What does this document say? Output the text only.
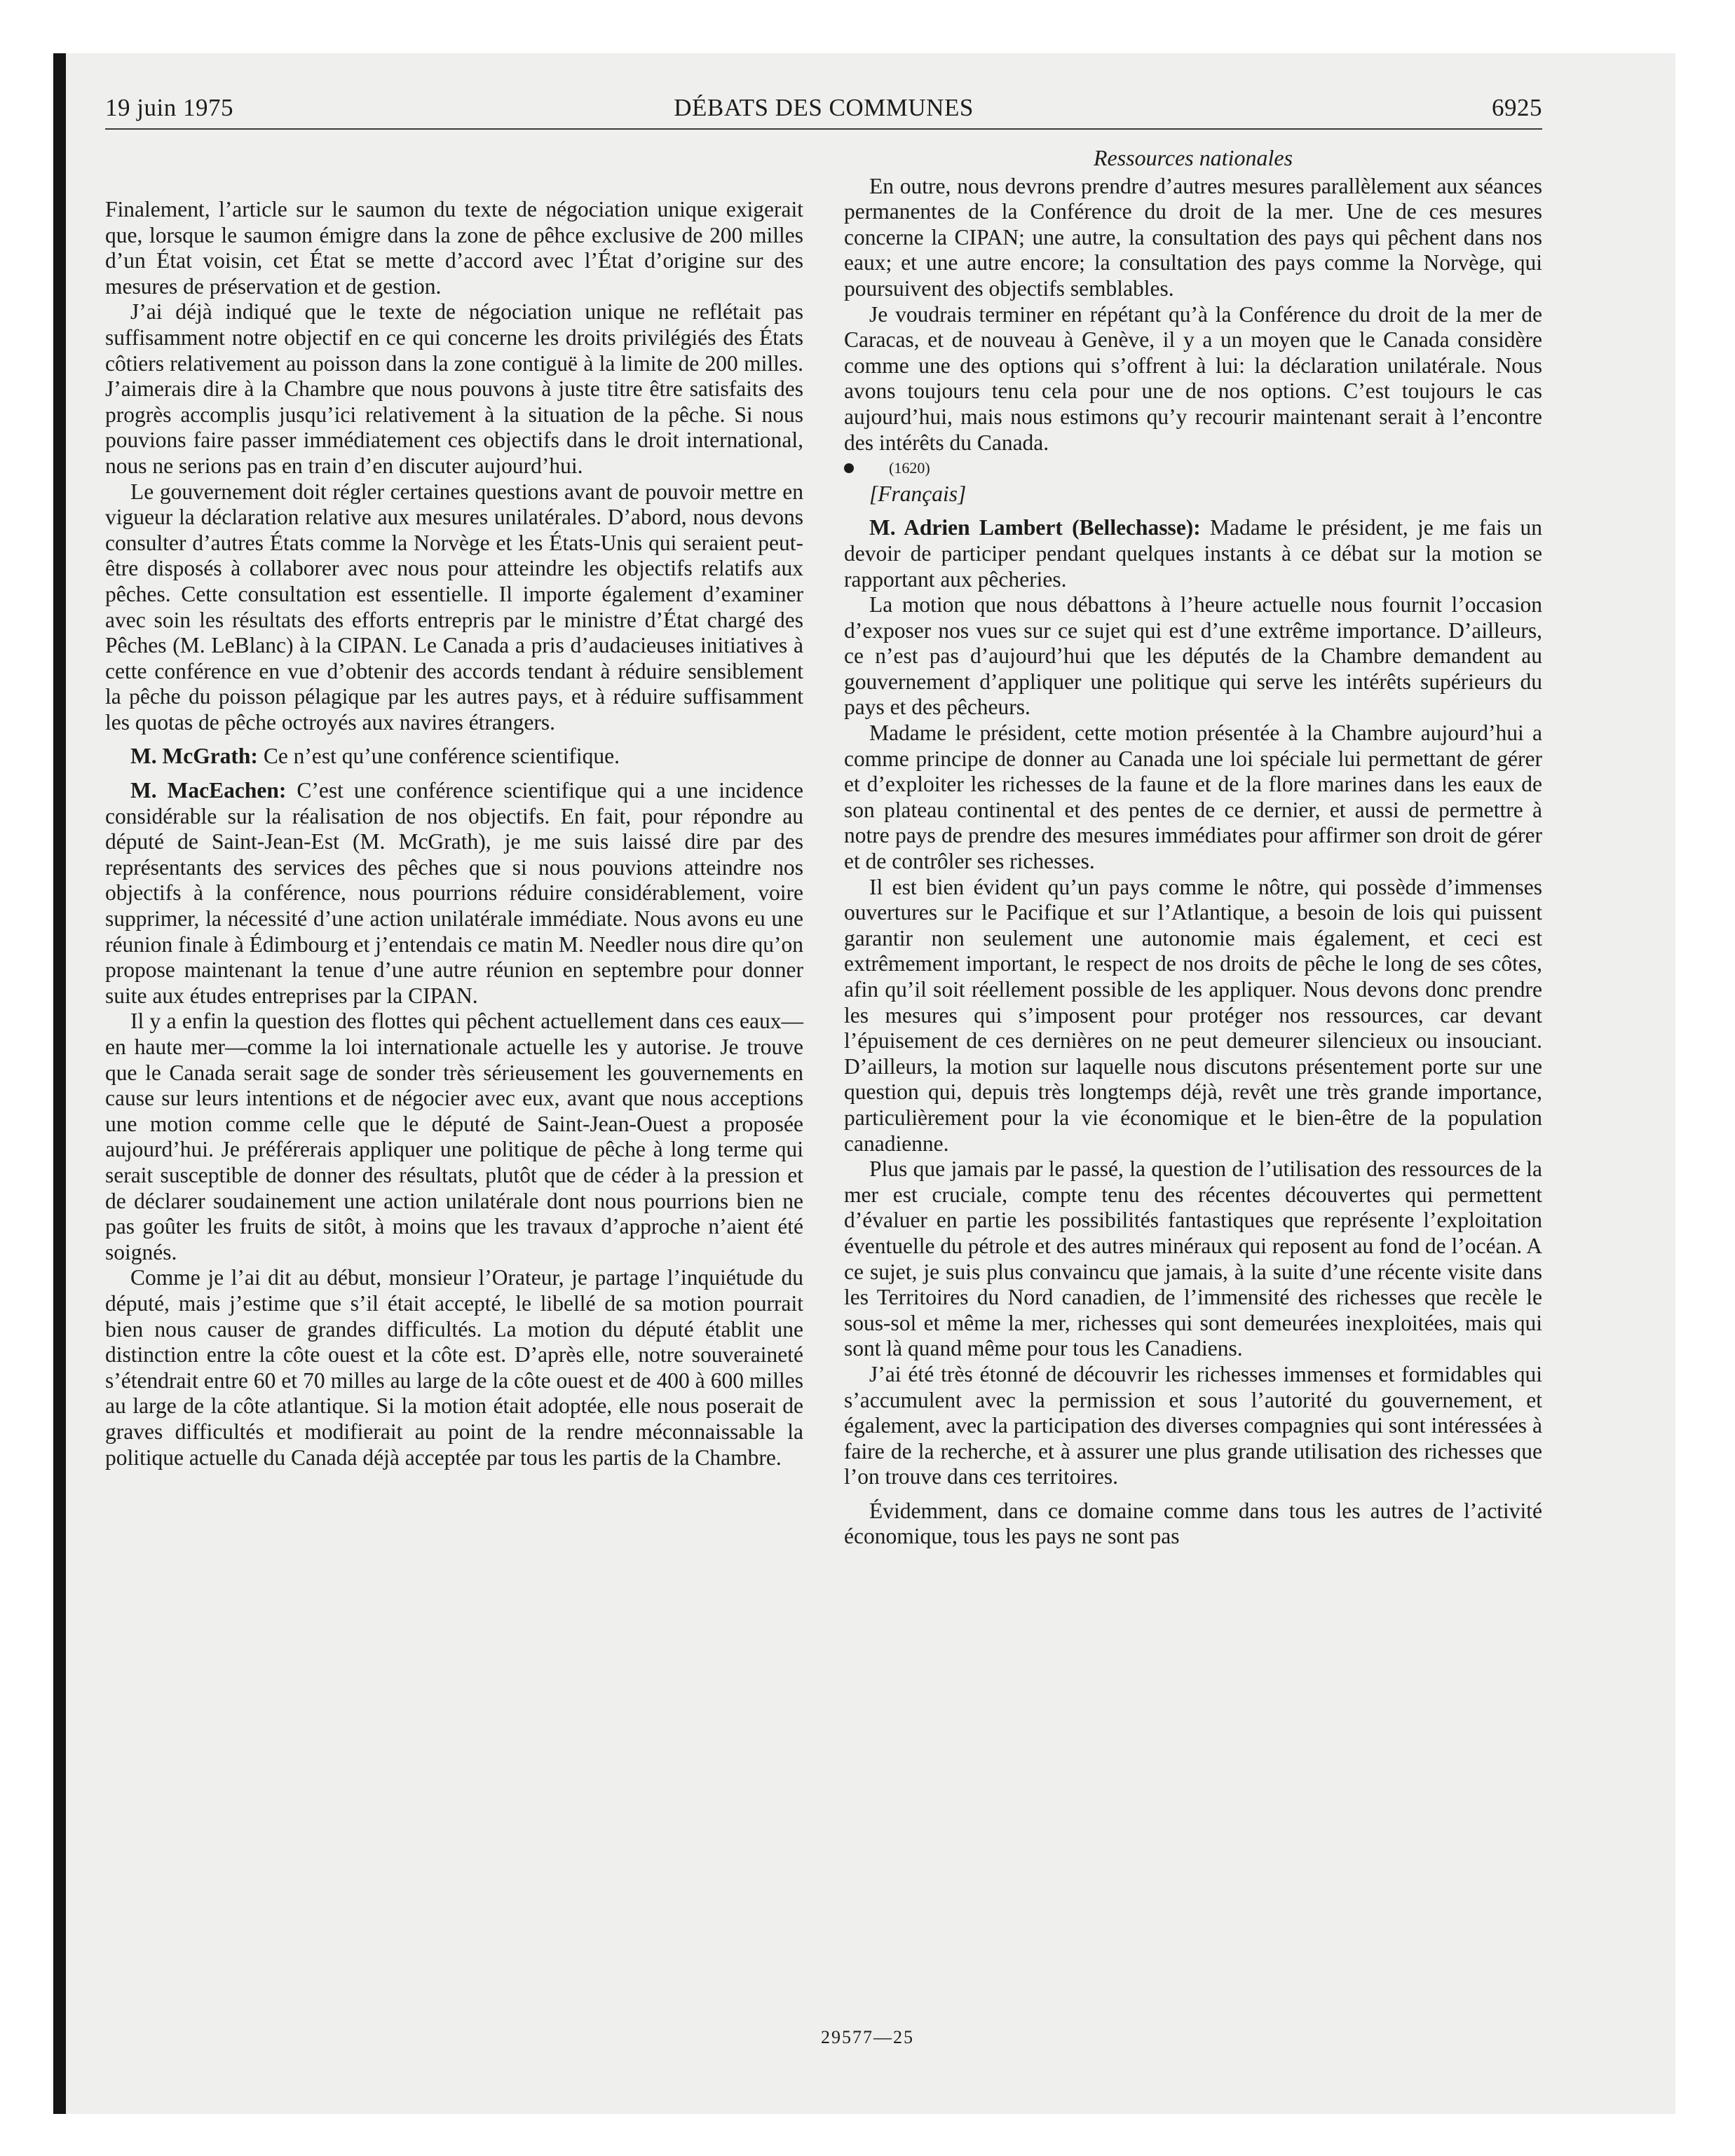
19 juin 1975	DÉBATS DES COMMUNES	6925

Finalement, l’article sur le saumon du texte de négociation unique exigerait que, lorsque le saumon émigre dans la zone de pêhce exclusive de 200 milles d’un État voisin, cet État se mette d’accord avec l’État d’origine sur des mesures de préservation et de gestion.

J’ai déjà indiqué que le texte de négociation unique ne reflétait pas suffisamment notre objectif en ce qui concerne les droits privilégiés des États côtiers relativement au poisson dans la zone contiguë à la limite de 200 milles. J’aimerais dire à la Chambre que nous pouvons à juste titre être satisfaits des progrès accomplis jusqu’ici relativement à la situation de la pêche. Si nous pouvions faire passer immédiatement ces objectifs dans le droit international, nous ne serions pas en train d’en discuter aujourd’hui.

Le gouvernement doit régler certaines questions avant de pouvoir mettre en vigueur la déclaration relative aux mesures unilatérales. D’abord, nous devons consulter d’autres États comme la Norvège et les États-Unis qui seraient peut-être disposés à collaborer avec nous pour atteindre les objectifs relatifs aux pêches. Cette consultation est essentielle. Il importe également d’examiner avec soin les résultats des efforts entrepris par le ministre d’État chargé des Pêches (M. LeBlanc) à la CIPAN. Le Canada a pris d’audacieuses initiatives à cette conférence en vue d’obtenir des accords tendant à réduire sensiblement la pêche du poisson pélagique par les autres pays, et à réduire suffisamment les quotas de pêche octroyés aux navires étrangers.

M. McGrath: Ce n’est qu’une conférence scientifique.

M. MacEachen: C’est une conférence scientifique qui a une incidence considérable sur la réalisation de nos objectifs. En fait, pour répondre au député de Saint-Jean-Est (M. McGrath), je me suis laissé dire par des représentants des services des pêches que si nous pouvions atteindre nos objectifs à la conférence, nous pourrions réduire considérablement, voire supprimer, la nécessité d’une action unilatérale immédiate. Nous avons eu une réunion finale à Édimbourg et j’entendais ce matin M. Needler nous dire qu’on propose maintenant la tenue d’une autre réunion en septembre pour donner suite aux études entreprises par la CIPAN.

Il y a enfin la question des flottes qui pêchent actuellement dans ces eaux—en haute mer—comme la loi internationale actuelle les y autorise. Je trouve que le Canada serait sage de sonder très sérieusement les gouvernements en cause sur leurs intentions et de négocier avec eux, avant que nous acceptions une motion comme celle que le député de Saint-Jean-Ouest a proposée aujourd’hui. Je préférerais appliquer une politique de pêche à long terme qui serait susceptible de donner des résultats, plutôt que de céder à la pression et de déclarer soudainement une action unilatérale dont nous pourrions bien ne pas goûter les fruits de sitôt, à moins que les travaux d’approche n’aient été soignés.

Comme je l’ai dit au début, monsieur l’Orateur, je partage l’inquiétude du député, mais j’estime que s’il était accepté, le libellé de sa motion pourrait bien nous causer de grandes difficultés. La motion du député établit une distinction entre la côte ouest et la côte est. D’après elle, notre souveraineté s’étendrait entre 60 et 70 milles au large de la côte ouest et de 400 à 600 milles au large de la côte atlantique. Si la motion était adoptée, elle nous poserait de graves difficultés et modifierait au point de la rendre méconnaissable la politique actuelle du Canada déjà acceptée par tous les partis de la Chambre.

Ressources nationales

En outre, nous devrons prendre d’autres mesures parallèlement aux séances permanentes de la Conférence du droit de la mer. Une de ces mesures concerne la CIPAN; une autre, la consultation des pays qui pêchent dans nos eaux; et une autre encore; la consultation des pays comme la Norvège, qui poursuivent des objectifs semblables.

Je voudrais terminer en répétant qu’à la Conférence du droit de la mer de Caracas, et de nouveau à Genève, il y a un moyen que le Canada considère comme une des options qui s’offrent à lui: la déclaration unilatérale. Nous avons toujours tenu cela pour une de nos options. C’est toujours le cas aujourd’hui, mais nous estimons qu’y recourir maintenant serait à l’encontre des intérêts du Canada.

(1620)

[Français]

M. Adrien Lambert (Bellechasse): Madame le président, je me fais un devoir de participer pendant quelques instants à ce débat sur la motion se rapportant aux pêcheries.

La motion que nous débattons à l’heure actuelle nous fournit l’occasion d’exposer nos vues sur ce sujet qui est d’une extrême importance. D’ailleurs, ce n’est pas d’aujourd’hui que les députés de la Chambre demandent au gouvernement d’appliquer une politique qui serve les intérêts supérieurs du pays et des pêcheurs.

Madame le président, cette motion présentée à la Chambre aujourd’hui a comme principe de donner au Canada une loi spéciale lui permettant de gérer et d’exploiter les richesses de la faune et de la flore marines dans les eaux de son plateau continental et des pentes de ce dernier, et aussi de permettre à notre pays de prendre des mesures immédiates pour affirmer son droit de gérer et de contrôler ses richesses.

Il est bien évident qu’un pays comme le nôtre, qui possède d’immenses ouvertures sur le Pacifique et sur l’Atlantique, a besoin de lois qui puissent garantir non seulement une autonomie mais également, et ceci est extrêmement important, le respect de nos droits de pêche le long de ses côtes, afin qu’il soit réellement possible de les appliquer. Nous devons donc prendre les mesures qui s’imposent pour protéger nos ressources, car devant l’épuisement de ces dernières on ne peut demeurer silencieux ou insouciant. D’ailleurs, la motion sur laquelle nous discutons présentement porte sur une question qui, depuis très longtemps déjà, revêt une très grande importance, particulièrement pour la vie économique et le bien-être de la population canadienne.

Plus que jamais par le passé, la question de l’utilisation des ressources de la mer est cruciale, compte tenu des récentes découvertes qui permettent d’évaluer en partie les possibilités fantastiques que représente l’exploitation éventuelle du pétrole et des autres minéraux qui reposent au fond de l’océan. A ce sujet, je suis plus convaincu que jamais, à la suite d’une récente visite dans les Territoires du Nord canadien, de l’immensité des richesses que recèle le sous-sol et même la mer, richesses qui sont demeurées inexploitées, mais qui sont là quand même pour tous les Canadiens.

J’ai été très étonné de découvrir les richesses immenses et formidables qui s’accumulent avec la permission et sous l’autorité du gouvernement, et également, avec la participation des diverses compagnies qui sont intéressées à faire de la recherche, et à assurer une plus grande utilisation des richesses que l’on trouve dans ces territoires.

Évidemment, dans ce domaine comme dans tous les autres de l’activité économique, tous les pays ne sont pas

29577—25
